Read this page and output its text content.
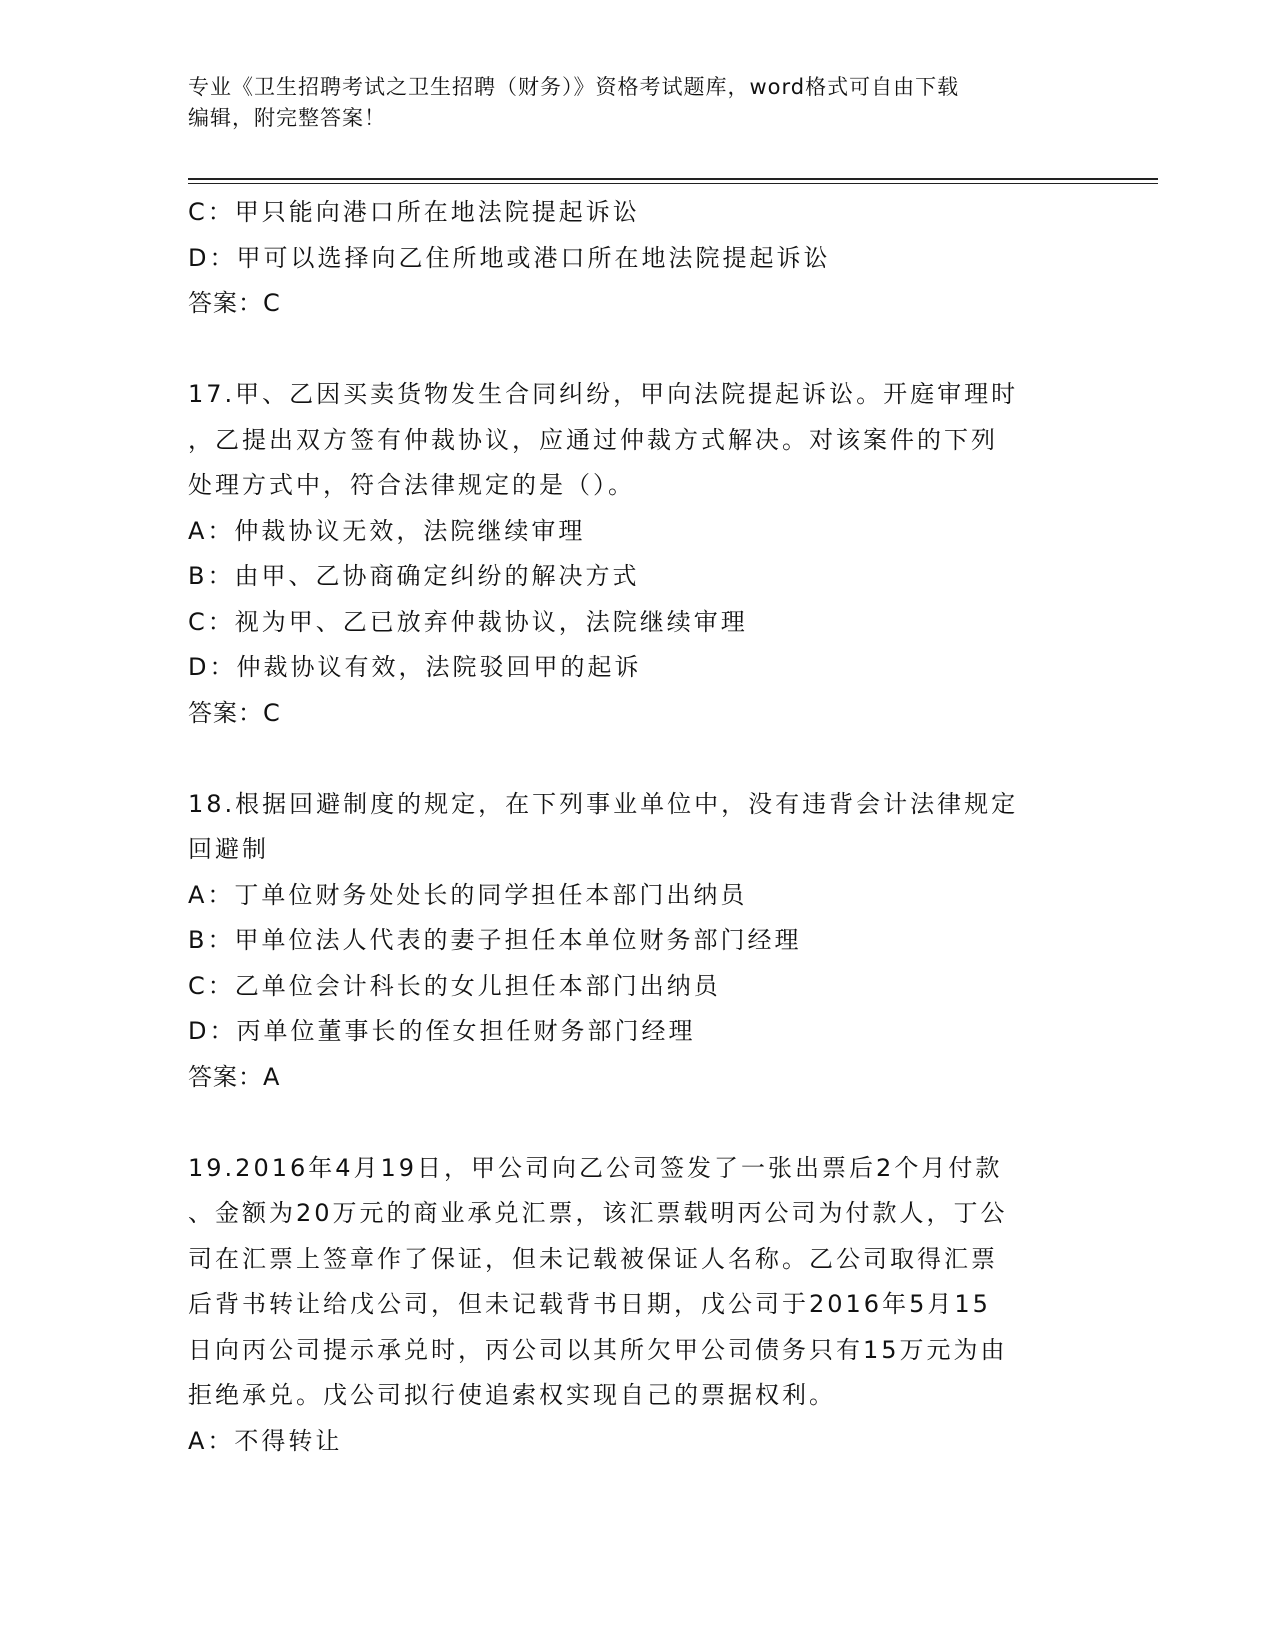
专业《卫生招聘考试之卫生招聘（财务）》资格考试题库，word格式可自由下载
编辑，附完整答案！
C：甲只能向港口所在地法院提起诉讼
D：甲可以选择向乙住所地或港口所在地法院提起诉讼
答案：C
17.甲、乙因买卖货物发生合同纠纷，甲向法院提起诉讼。开庭审理时
，乙提出双方签有仲裁协议，应通过仲裁方式解决。对该案件的下列
处理方式中，符合法律规定的是（）。
A：仲裁协议无效，法院继续审理
B：由甲、乙协商确定纠纷的解决方式
C：视为甲、乙已放弃仲裁协议，法院继续审理
D：仲裁协议有效，法院驳回甲的起诉
答案：C
18.根据回避制度的规定，在下列事业单位中，没有违背会计法律规定
回避制
A：丁单位财务处处长的同学担任本部门出纳员
B：甲单位法人代表的妻子担任本单位财务部门经理
C：乙单位会计科长的女儿担任本部门出纳员
D：丙单位董事长的侄女担任财务部门经理
答案：A
19.2016年4月19日，甲公司向乙公司签发了一张出票后2个月付款
、金额为20万元的商业承兑汇票，该汇票载明丙公司为付款人，丁公
司在汇票上签章作了保证，但未记载被保证人名称。乙公司取得汇票
后背书转让给戊公司，但未记载背书日期，戊公司于2016年5月15
日向丙公司提示承兑时，丙公司以其所欠甲公司债务只有15万元为由
拒绝承兑。戊公司拟行使追索权实现自己的票据权利。
A：不得转让
